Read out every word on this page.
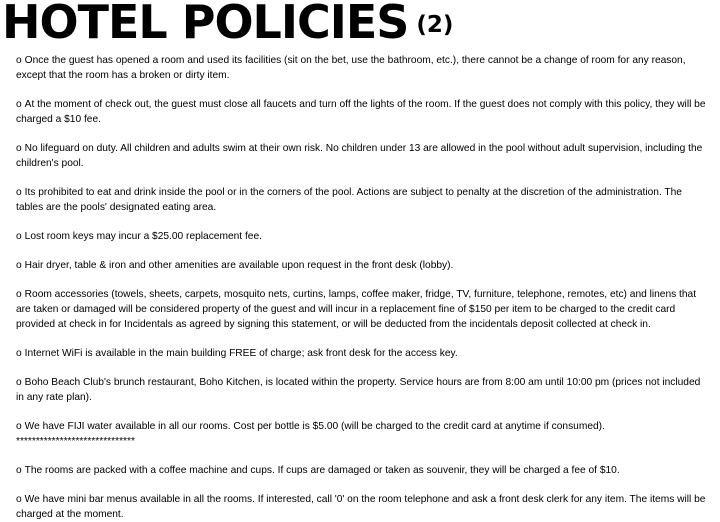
HOTEL POLICIES (2)
o Once the guest has opened a room and used its facilities (sit on the bet, use the bathroom, etc.), there cannot be a change of room for any reason, except that the room has a broken or dirty item.
o At the moment of check out, the guest must close all faucets and turn off the lights of the room. If the guest does not comply with this policy, they will be charged a $10 fee.
o No lifeguard on duty. All children and adults swim at their own risk. No children under 13 are allowed in the pool without adult supervision, including the children's pool.
o Its prohibited to eat and drink inside the pool or in the corners of the pool. Actions are subject to penalty at the discretion of the administration. The tables are the pools' designated eating area.
o Lost room keys may incur a $25.00 replacement fee.
o Hair dryer, table & iron and other amenities are available upon request in the front desk (lobby).
o Room accessories (towels, sheets, carpets, mosquito nets, curtins, lamps, coffee maker, fridge, TV, furniture, telephone, remotes, etc) and linens that are taken or damaged will be considered property of the guest and will incur in a replacement fine of $150 per item to be charged to the credit card provided at check in for Incidentals as agreed by signing this statement, or will be deducted from the incidentals deposit collected at check in.
o Internet WiFi is available in the main building FREE of charge; ask front desk for the access key.
o Boho Beach Club's brunch restaurant, Boho Kitchen, is located within the property. Service hours are from 8:00 am until 10:00 pm (prices not included in any rate plan).
o We have FIJI water available in all our rooms. Cost per bottle is $5.00 (will be charged to the credit card at anytime if consumed). ******************************
o The rooms are packed with a coffee machine and cups. If cups are damaged or taken as souvenir, they will be charged a fee of $10.
o We have mini bar menus available in all the rooms. If interested, call '0' on the room telephone and ask a front desk clerk for any item. The items will be charged at the moment.
